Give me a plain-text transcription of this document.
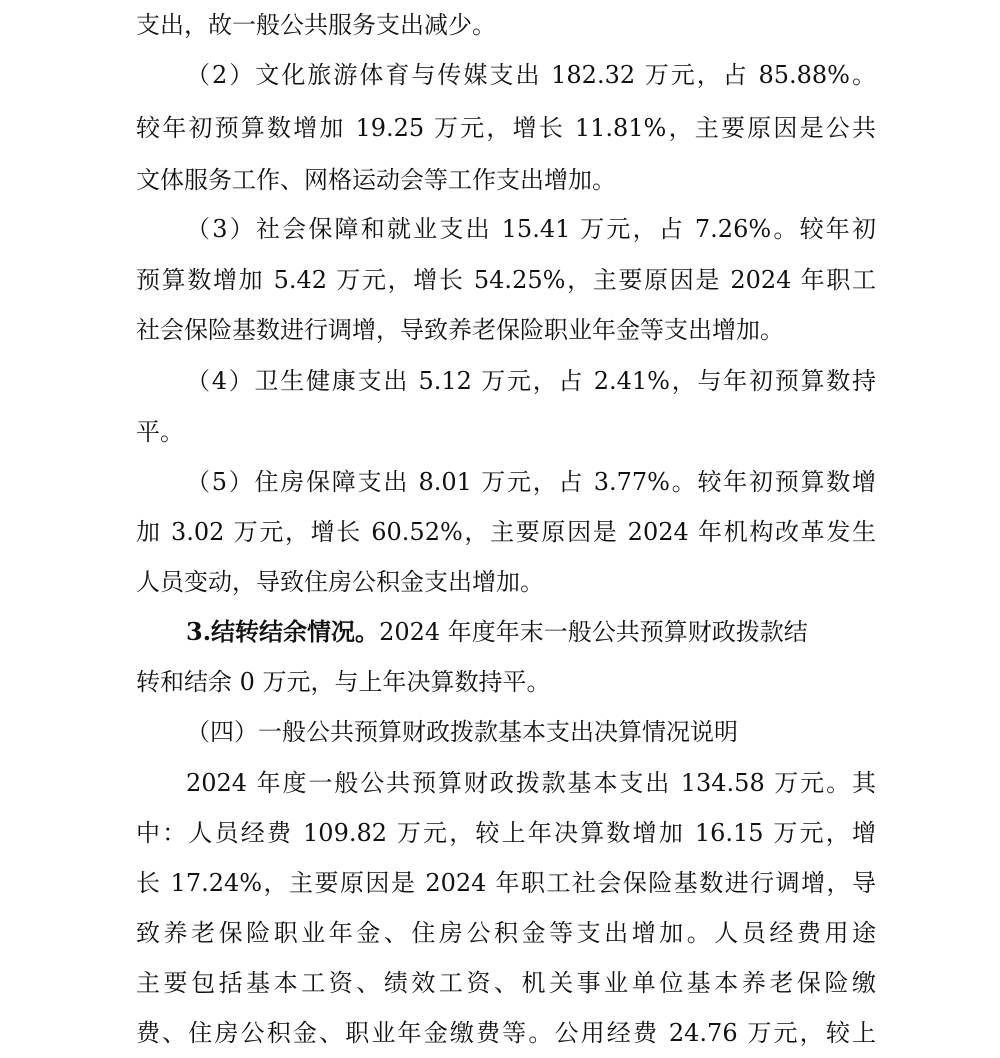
支出，故一般公共服务支出减少。
（2）文化旅游体育与传媒支出 182.32 万元，占 85.88%。
较年初预算数增加 19.25 万元，增长 11.81%，主要原因是公共
文体服务工作、网格运动会等工作支出增加。
（3）社会保障和就业支出 15.41 万元，占 7.26%。较年初
预算数增加 5.42 万元，增长 54.25%，主要原因是 2024 年职工
社会保险基数进行调增，导致养老保险职业年金等支出增加。
（4）卫生健康支出 5.12 万元，占 2.41%，与年初预算数持
平。
（5）住房保障支出 8.01 万元，占 3.77%。较年初预算数增
加 3.02 万元，增长 60.52%，主要原因是 2024 年机构改革发生
人员变动，导致住房公积金支出增加。
3.结转结余情况。2024 年度年末一般公共预算财政拨款结
转和结余 0 万元，与上年决算数持平。
（四）一般公共预算财政拨款基本支出决算情况说明
2024 年度一般公共预算财政拨款基本支出 134.58 万元。其
中：人员经费 109.82 万元，较上年决算数增加 16.15 万元，增
长 17.24%，主要原因是 2024 年职工社会保险基数进行调增，导
致养老保险职业年金、住房公积金等支出增加。人员经费用途
主要包括基本工资、绩效工资、机关事业单位基本养老保险缴
费、住房公积金、职业年金缴费等。公用经费 24.76 万元，较上
